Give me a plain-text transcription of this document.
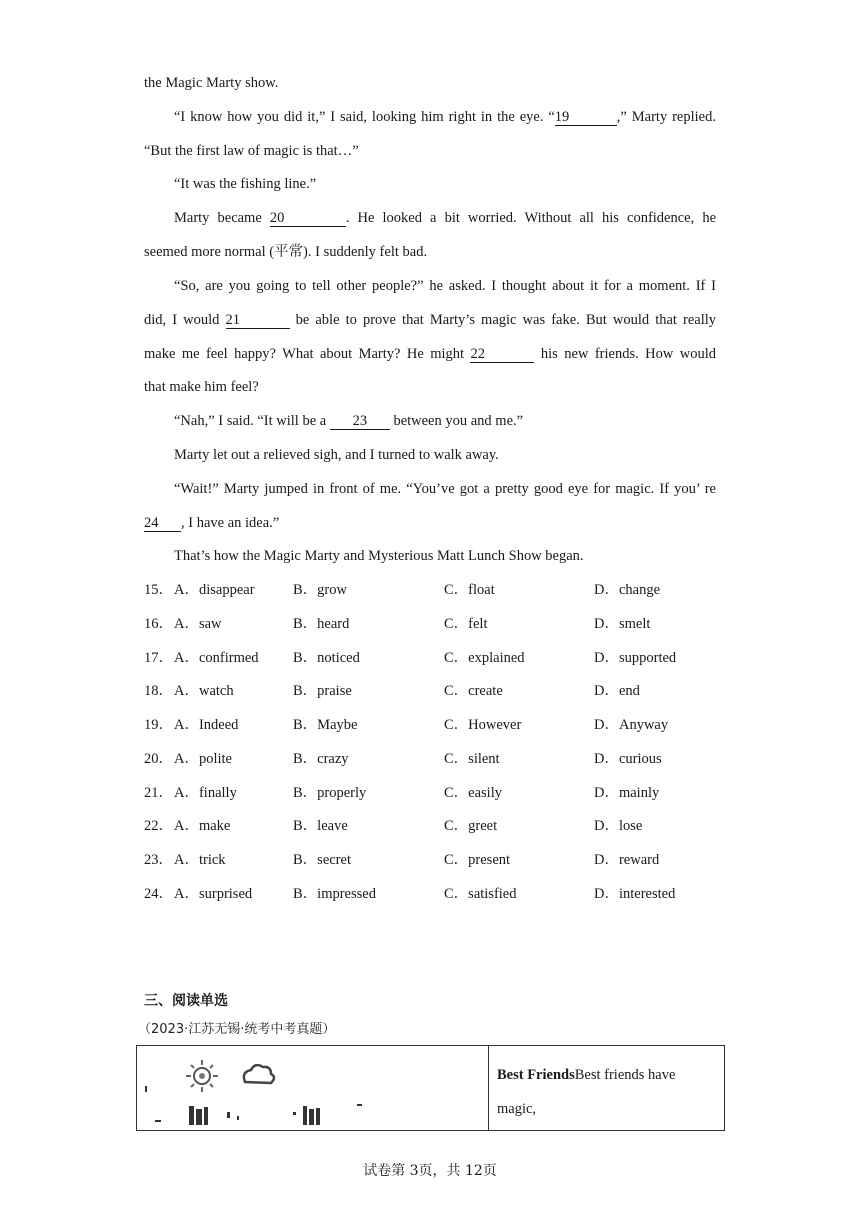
the Magic Marty show.
“I know how you did it,” I said, looking him right in the eye. “19	,” Marty replied.
“But the first law of magic is that…”
“It was the fishing line.”
Marty became 20	. He looked a bit worried. Without all his confidence, he
seemed more normal (平常). I suddenly felt bad.
“So, are you going to tell other people?” he asked. I thought about it for a moment. If I
did, I would 21	be able to prove that Marty’s magic was fake. But would that really
make me feel happy? What about Marty? He might 22	his new friends. How would
that make him feel?
“Nah,” I said. “It will be a 23 between you and me.”
Marty let out a relieved sigh, and I turned to walk away.
“Wait!” Marty jumped in front of me. “You’ve got a pretty good eye for magic. If you’ re
24 , I have an idea.”
That’s how the Magic Marty and Mysterious Matt Lunch Show began.
15． A．disappear	B．grow	C．float	D．change
16． A．saw	B．heard	C．felt	D．smelt
17． A．confirmed B．noticed	C．explained	D．supported
18． A．watch	B．praise	C．create	D．end
19． A．Indeed	B．Maybe	C．However	D．Anyway
20． A．polite	B．crazy	C．silent	D．curious
21． A．finally	B．properly	C．easily	D．mainly
22． A．make	B．leave	C．greet	D．lose
23． A．trick	B．secret	C．present	D．reward
24． A．surprised	B．impressed	C．satisfied	D．interested
三、阅读单选
（2023·江苏无锡·统考中考真题）
	Best FriendsBest friends have magic,
试卷第 3页，共 12页
